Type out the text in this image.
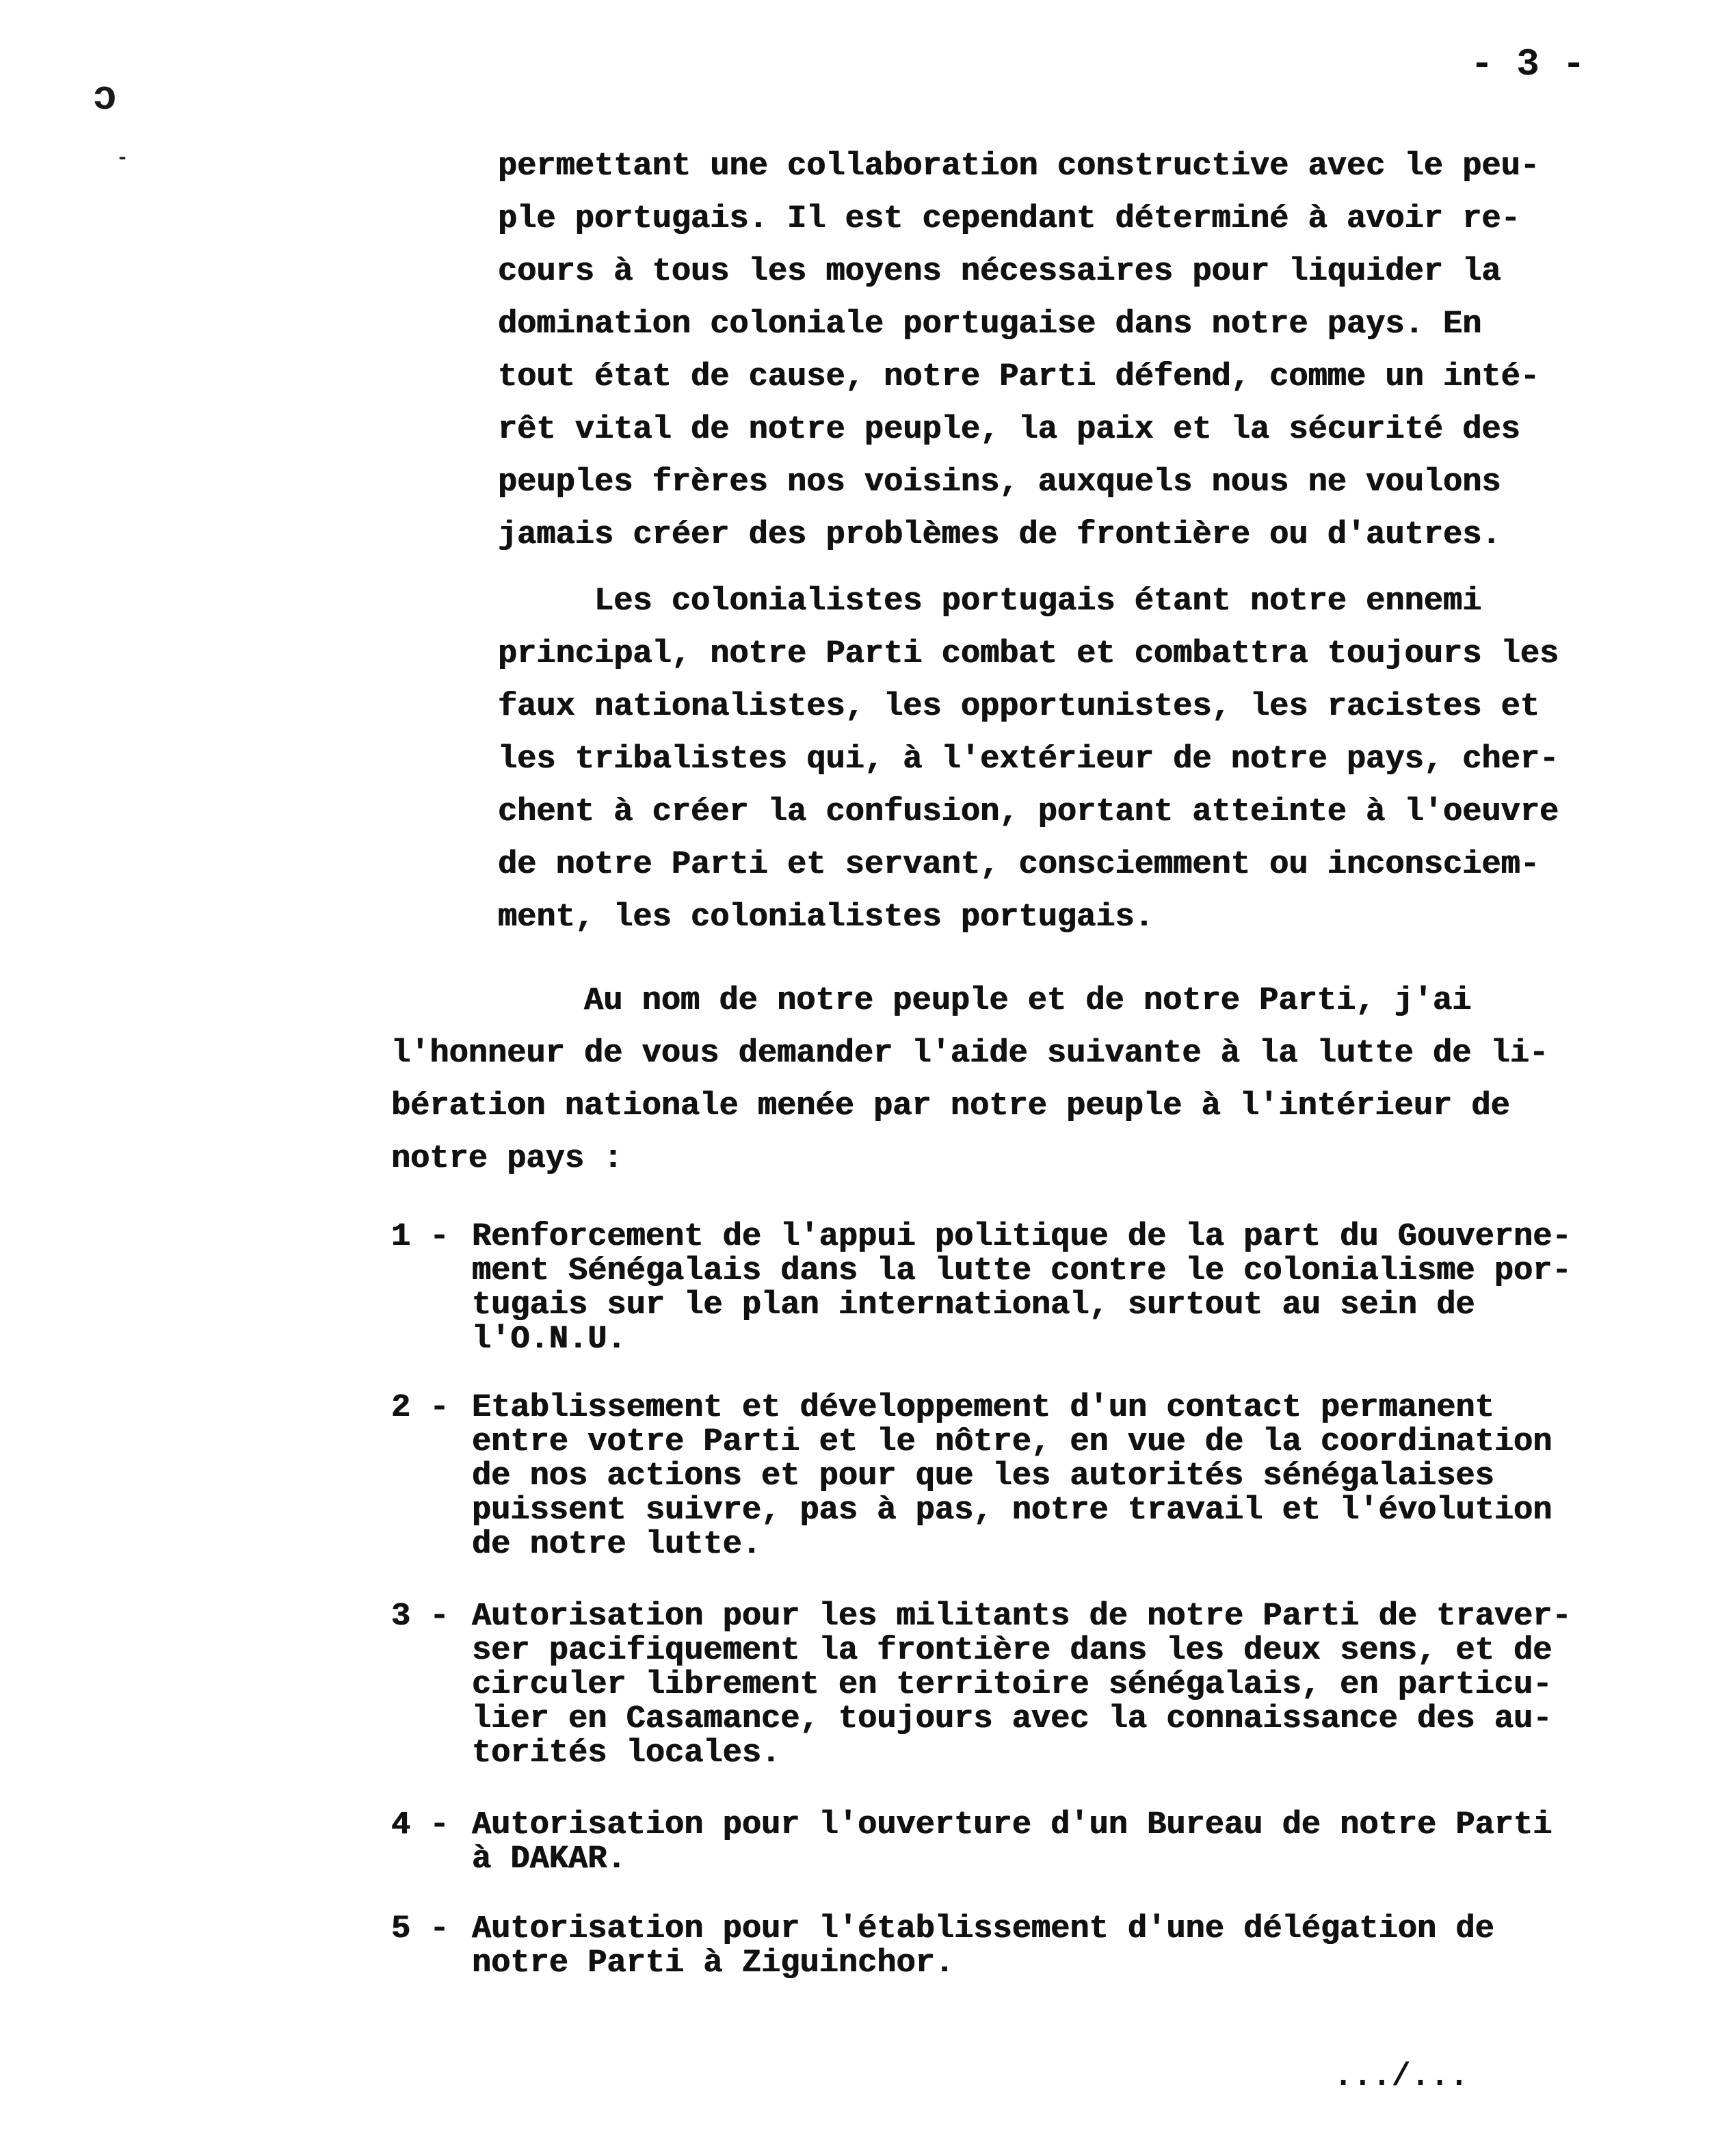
- 3 -
ↄ
-	permettant une collaboration constructive avec le peu-
ple portugais. Il est cependant déterminé à avoir re-
cours à tous les moyens nécessaires pour liquider la
domination coloniale portugaise dans notre pays. En
tout état de cause, notre Parti défend, comme un inté-
rêt vital de notre peuple, la paix et la sécurité des
peuples frères nos voisins, auxquels nous ne voulons
jamais créer des problèmes de frontière ou d'autres.
Les colonialistes portugais étant notre ennemi
principal, notre Parti combat et combattra toujours les
faux nationalistes, les opportunistes, les racistes et
les tribalistes qui, à l'extérieur de notre pays, cher-
chent à créer la confusion, portant atteinte à l'oeuvre
de notre Parti et servant, consciemment ou inconsciem-
ment, les colonialistes portugais.
Au nom de notre peuple et de notre Parti, j'ai
l'honneur de vous demander l'aide suivante à la lutte de li-
bération nationale menée par notre peuple à l'intérieur de
notre pays :
1 - Renforcement de l'appui politique de la part du Gouverne-
ment Sénégalais dans la lutte contre le colonialisme por-
tugais sur le plan international, surtout au sein de
l'O.N.U.
2 - Etablissement et développement d'un contact permanent
entre votre Parti et le nôtre, en vue de la coordination
de nos actions et pour que les autorités sénégalaises
puissent suivre, pas à pas, notre travail et l'évolution
de notre lutte.
3 - Autorisation pour les militants de notre Parti de traver-
ser pacifiquement la frontière dans les deux sens, et de
circuler librement en territoire sénégalais, en particu-
lier en Casamance, toujours avec la connaissance des au-
torités locales.
4 - Autorisation pour l'ouverture d'un Bureau de notre Parti
à DAKAR.
5 - Autorisation pour l'établissement d'une délégation de
notre Parti à Ziguinchor.
.../...
